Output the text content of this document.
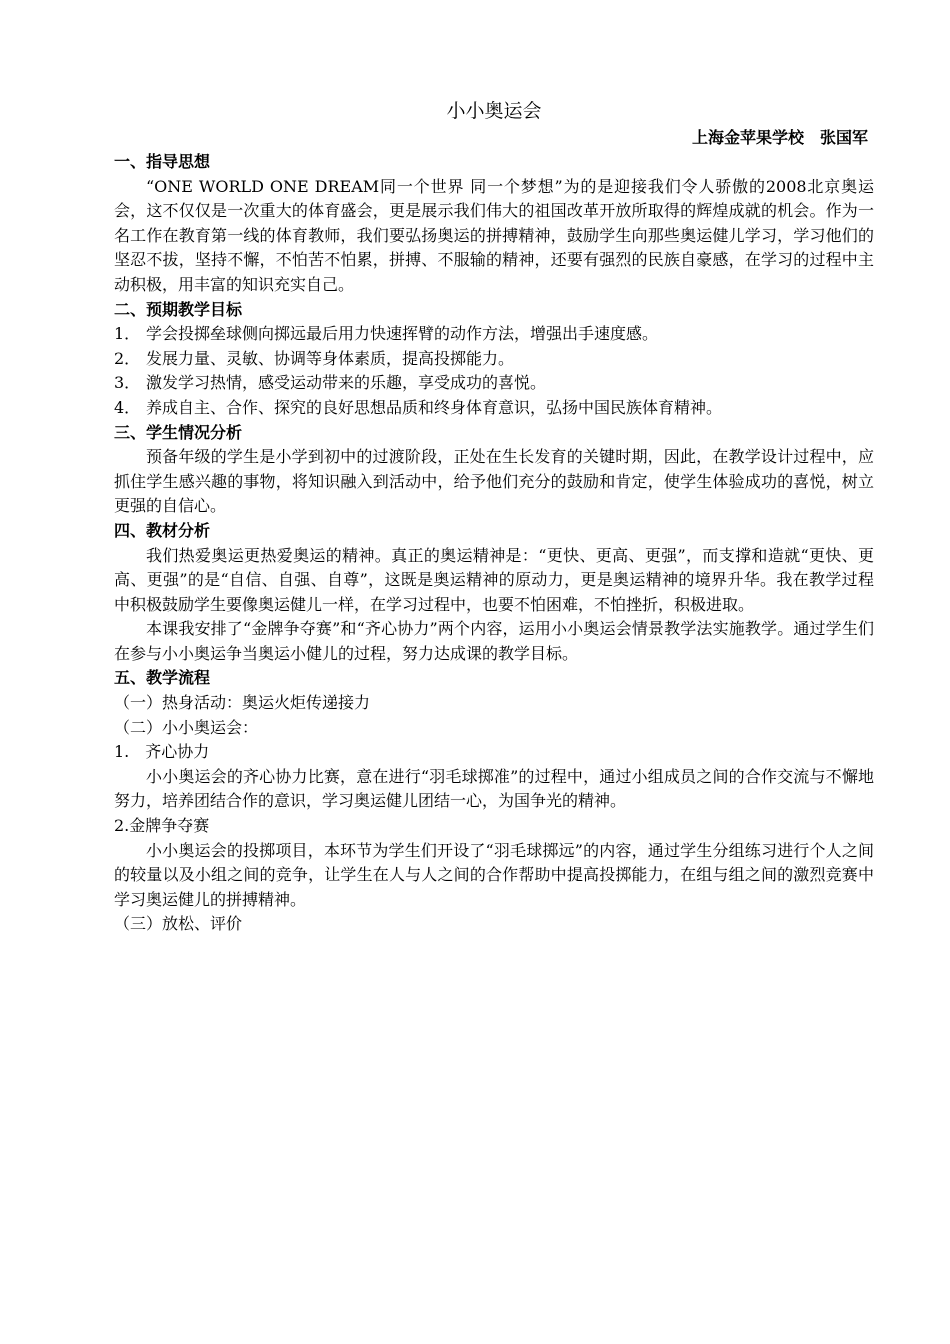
小小奥运会

上海金苹果学校　张国军

一、指导思想

“ONE WORLD ONE DREAM同一个世界 同一个梦想”为的是迎接我们令人骄傲的2008北京奥运会，这不仅仅是一次重大的体育盛会，更是展示我们伟大的祖国改革开放所取得的辉煌成就的机会。作为一名工作在教育第一线的体育教师，我们要弘扬奥运的拼搏精神，鼓励学生向那些奥运健儿学习，学习他们的坚忍不拔，坚持不懈，不怕苦不怕累，拼搏、不服输的精神，还要有强烈的民族自豪感，在学习的过程中主动积极，用丰富的知识充实自己。

二、预期教学目标

1． 学会投掷垒球侧向掷远最后用力快速挥臂的动作方法，增强出手速度感。
2． 发展力量、灵敏、协调等身体素质，提高投掷能力。
3． 激发学习热情，感受运动带来的乐趣，享受成功的喜悦。
4． 养成自主、合作、探究的良好思想品质和终身体育意识，弘扬中国民族体育精神。

三、学生情况分析

预备年级的学生是小学到初中的过渡阶段，正处在生长发育的关键时期，因此，在教学设计过程中，应抓住学生感兴趣的事物，将知识融入到活动中，给予他们充分的鼓励和肯定，使学生体验成功的喜悦，树立更强的自信心。

四、教材分析

我们热爱奥运更热爱奥运的精神。真正的奥运精神是：“更快、更高、更强”，而支撑和造就“更快、更高、更强”的是“自信、自强、自尊”，这既是奥运精神的原动力，更是奥运精神的境界升华。我在教学过程中积极鼓励学生要像奥运健儿一样，在学习过程中，也要不怕困难，不怕挫折，积极进取。

本课我安排了“金牌争夺赛”和“齐心协力”两个内容，运用小小奥运会情景教学法实施教学。通过学生们在参与小小奥运争当奥运小健儿的过程，努力达成课的教学目标。

五、教学流程

（一）热身活动：奥运火炬传递接力

（二）小小奥运会：

1.　齐心协力

小小奥运会的齐心协力比赛，意在进行“羽毛球掷准”的过程中，通过小组成员之间的合作交流与不懈地努力，培养团结合作的意识，学习奥运健儿团结一心，为国争光的精神。

2.金牌争夺赛

小小奥运会的投掷项目，本环节为学生们开设了“羽毛球掷远”的内容，通过学生分组练习进行个人之间的较量以及小组之间的竞争，让学生在人与人之间的合作帮助中提高投掷能力，在组与组之间的激烈竞赛中学习奥运健儿的拼搏精神。

（三）放松、评价
